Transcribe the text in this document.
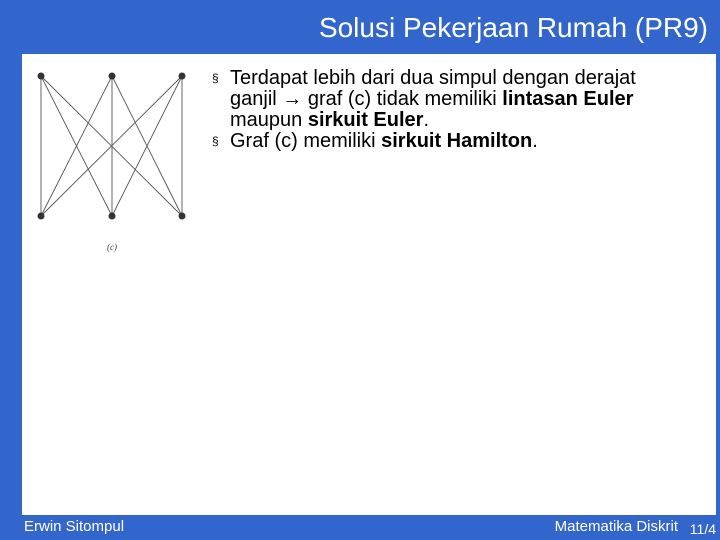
Solusi Pekerjaan Rumah (PR9)
(c)
§ Terdapat lebih dari dua simpul dengan derajat ganjil → graf (c) tidak memiliki lintasan Euler maupun sirkuit Euler.
§ Graf (c) memiliki sirkuit Hamilton.
Erwin Sitompul	Matematika Diskrit 11/4
